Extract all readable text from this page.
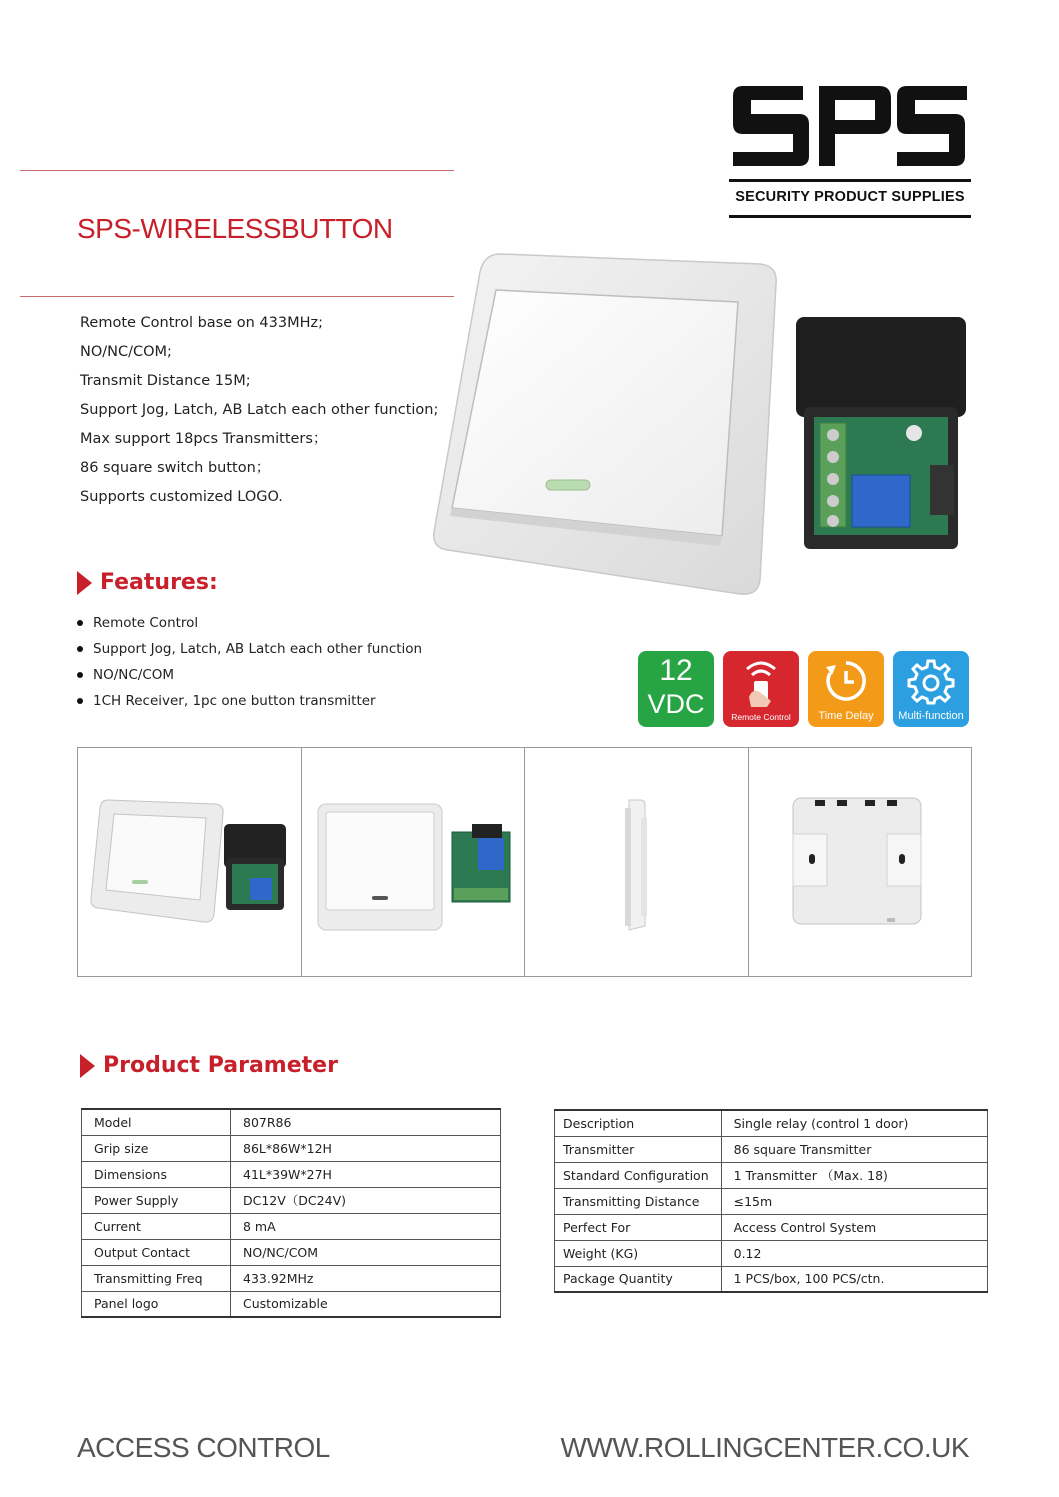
SECURITY PRODUCT SUPPLIES
SPS-WIRELESSBUTTON
Remote Control base on 433MHz;
NO/NC/COM;
Transmit Distance 15M;
Support Jog, Latch, AB Latch each other function;
Max support 18pcs Transmitters；
86 square switch button；
Supports customized LOGO.
Features:
Remote Control
Support Jog, Latch, AB Latch each other function
NO/NC/COM
1CH Receiver, 1pc one button transmitter
12
VDC	Remote Control	Time Delay	Multi-function
Product Parameter
Model	807R86
Grip size	86L*86W*12H
Dimensions	41L*39W*27H
Power Supply	DC12V（DC24V)
Current	8 mA
Output Contact	NO/NC/COM
Transmitting Freq	433.92MHz
Panel logo	Customizable
Description	Single relay (control 1 door)
Transmitter	86 square Transmitter
Standard Configuration	1 Transmitter （Max. 18)
Transmitting Distance	≤15m
Perfect For	Access Control System
Weight (KG)	0.12
Package Quantity	1 PCS/box, 100 PCS/ctn.
ACCESS CONTROL	WWW.ROLLINGCENTER.CO.UK
